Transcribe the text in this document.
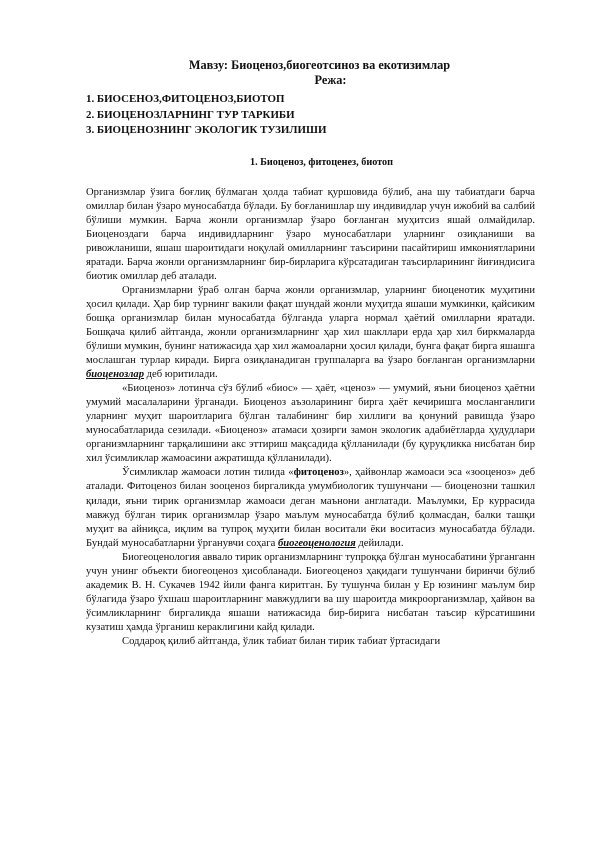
Мавзу: Биоценоз,биогеотсиноз ва екотизимлар

Режа:

1. БИОСЕНОЗ,ФИТОЦЕНОЗ,БИОТОП
2. БИОЦЕНОЗЛАРНИНГ ТУР ТАРКИБИ
3. БИОЦЕНОЗНИНГ ЭКОЛОГИК ТУЗИЛИШИ

1. Биоценоз, фитоценез, биотоп

Организмлар ўзига боғлиқ бўлмаган ҳолда табиат қуршовида бўлиб, ана шу табиатдаги барча омиллар билан ўзаро муносабатда бўлади. Бу боғланишлар шу индивидлар учун ижобий ва салбий бўлиши мумкин. Барча жонли организмлар ўзаро боғланган муҳитсиз яшай олмайдилар. Биоценоздаги барча индивидларнинг ўзаро муносабатлари уларнинг озиқланиши ва ривожланиши, яшаш шароитидаги ноқулай омилларнинг таъсирини пасайтириш имкониятларини яратади. Барча жонли организмларнинг бир-бирларига кўрсатадиган таъсирларининг йиғиндисига биотик омиллар деб аталади.

Организмларни ўраб олган барча жонли организмлар, уларнинг биоценотик муҳитини ҳосил қилади. Ҳар бир турнинг вакили фақат шундай жонли муҳитда яшаши мумкинки, қайсиким бошқа организмлар билан муносабатда бўлганда уларга нормал ҳаётий омилларни яратади. Бошқача қилиб айтганда, жонли организмларнинг ҳар хил шакллари ерда ҳар хил биркмаларда бўлиши мумкин, бунинг натижасида ҳар хил жамоаларни ҳосил қилади, бунга фақат бирга яшашга мослашган турлар киради. Бирга озиқланадиган группаларга ва ўзаро боғланган организмларни биоценозлар деб юритилади.

«Биоценоз» лотинча сўз бўлиб «биос» — ҳаёт, «ценоз» — умумий, яъни биоценоз ҳаётни умумий масалаларини ўрганади. Биоценоз аъзоларининг бирга ҳаёт кечиришга мосланганлиги уларнинг муҳит шароитларига бўлган талабининг бир хиллиги ва қонуний равишда ўзаро муносабатларида сезилади. «Биоценоз» атамаси ҳозирги замон экологик адабиётларда ҳудудлари организмларнинг тарқалишини акс эттириш мақсадида қўлланилади (бу қуруқликка нисбатан бир хил ўсимликлар жамоасини ажратишда қўлланилади).

Ўсимликлар жамоаси лотин тилида «фитоценоз», ҳайвонлар жамоаси эса «зооценоз» деб аталади. Фитоценоз билан зооценоз биргаликда умумбиологик тушунчани — биоценозни ташкил қилади, яъни тирик организмлар жамоаси деган маънони англатади. Маълумки, Ер куррасида мавжуд бўлган тирик организмлар ўзаро маълум муносабатда бўлиб қолмасдан, балки ташқи муҳит ва айниқса, иқлим ва тупроқ муҳити билан воситали ёки воситасиз муносабатда бўлади. Бундай муносабатларни ўрганувчи соҳага биогеоценология дейилади.

Биогеоценология аввало тирик организмларнинг тупроққа бўлган муносабатини ўрганганн учун унинг объекти биогеоценоз ҳисобланади. Биогеоценоз ҳақидаги тушунчани биринчи бўлиб академик В. Н. Сукачев 1942 йили фанга киритган. Бу тушунча билан у Ер юзининг маълум бир бўлагида ўзаро ўхшаш шароитларнинг мавжудлиги ва шу шароитда микроорганизмлар, ҳайвон ва ўсимликларнинг биргаликда яшаши натижасида бир-бирига нисбатан таъсир кўрсатишини кузатиш ҳамда ўрганиш кераклигини кайд қилади.

Соддароқ қилиб айтганда, ўлик табиат билан тирик табиат ўртасидаги
